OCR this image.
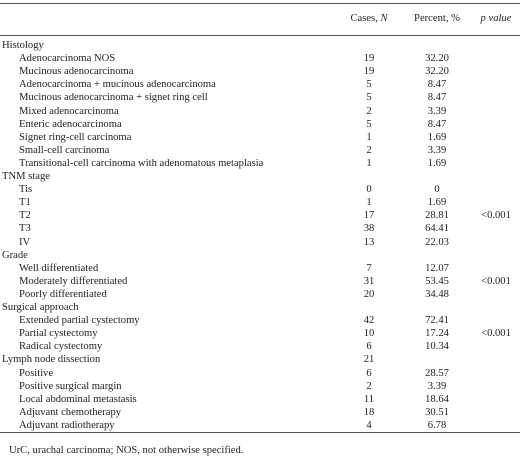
Cases, N	Percent, %	p value
Histology
Adenocarcinoma NOS	19	32.20
Mucinous adenocarcinoma	19	32.20
Adenocarcinoma + mucinous adenocarcinoma	5	8.47
Mucinous adenocarcinoma + signet ring cell	5	8.47
Mixed adenocarcinoma	2	3.39
Enteric adenocarcinoma	5	8.47
Signet ring-cell carcinoma	1	1.69
Small-cell carcinoma	2	3.39
Transitional-cell carcinoma with adenomatous metaplasia	1	1.69
TNM stage
Tis	0	0
T1	1	1.69
T2	17	28.81	<0.001
T3	38	64.41
IV	13	22.03
Grade
Well differentiated	7	12.07
Moderately differentiated	31	53.45	<0.001
Poorly differentiated	20	34.48
Surgical approach
Extended partial cystectomy	42	72.41
Partial cystectomy	10	17.24	<0.001
Radical cystectomy	6	10.34
Lymph node dissection	21
Positive	6	28.57
Positive surgical margin	2	3.39
Local abdominal metastasis	11	18.64
Adjuvant chemotherapy	18	30.51
Adjuvant radiotherapy	4	6.78
UrC, urachal carcinoma; NOS, not otherwise specified.
